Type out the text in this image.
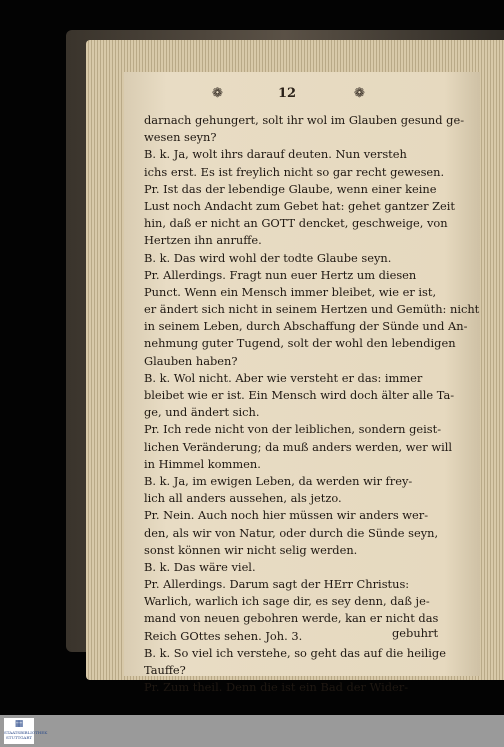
❁	12	❁
darnach gehungert, solt ihr wol im Glauben gesund ge-
wesen seyn?
B. k. Ja, wolt ihrs darauf deuten. Nun versteh
ichs erst. Es ist freylich nicht so gar recht gewesen.
Pr. Ist das der lebendige Glaube, wenn einer keine
Lust noch Andacht zum Gebet hat: gehet gantzer Zeit
hin, daß er nicht an GOTT dencket, geschweige, von
Hertzen ihn anruffe.
B. k. Das wird wohl der todte Glaube seyn.
Pr. Allerdings. Fragt nun euer Hertz um diesen
Punct. Wenn ein Mensch immer bleibet, wie er ist,
er ändert sich nicht in seinem Hertzen und Gemüth: nicht
in seinem Leben, durch Abschaffung der Sünde und An-
nehmung guter Tugend, solt der wohl den lebendigen
Glauben haben?
B. k. Wol nicht. Aber wie versteht er das: immer
bleibet wie er ist. Ein Mensch wird doch älter alle Ta-
ge, und ändert sich.
Pr. Ich rede nicht von der leiblichen, sondern geist-
lichen Veränderung; da muß anders werden, wer will
in Himmel kommen.
B. k. Ja, im ewigen Leben, da werden wir frey-
lich all anders aussehen, als jetzo.
Pr. Nein. Auch noch hier müssen wir anders wer-
den, als wir von Natur, oder durch die Sünde seyn,
sonst können wir nicht selig werden.
B. k. Das wäre viel.
Pr. Allerdings. Darum sagt der HErr Christus:
Warlich, warlich ich sage dir, es sey denn, daß je-
mand von neuen gebohren werde, kan er nicht das
Reich GOttes sehen. Joh. 3.
B. k. So viel ich verstehe, so geht das auf die heilige
Tauffe?
Pr. Zum theil. Denn die ist ein Bad der Wider-
gebuhrt
▦
STAATSBIBLIOTHEK STUTTGART
